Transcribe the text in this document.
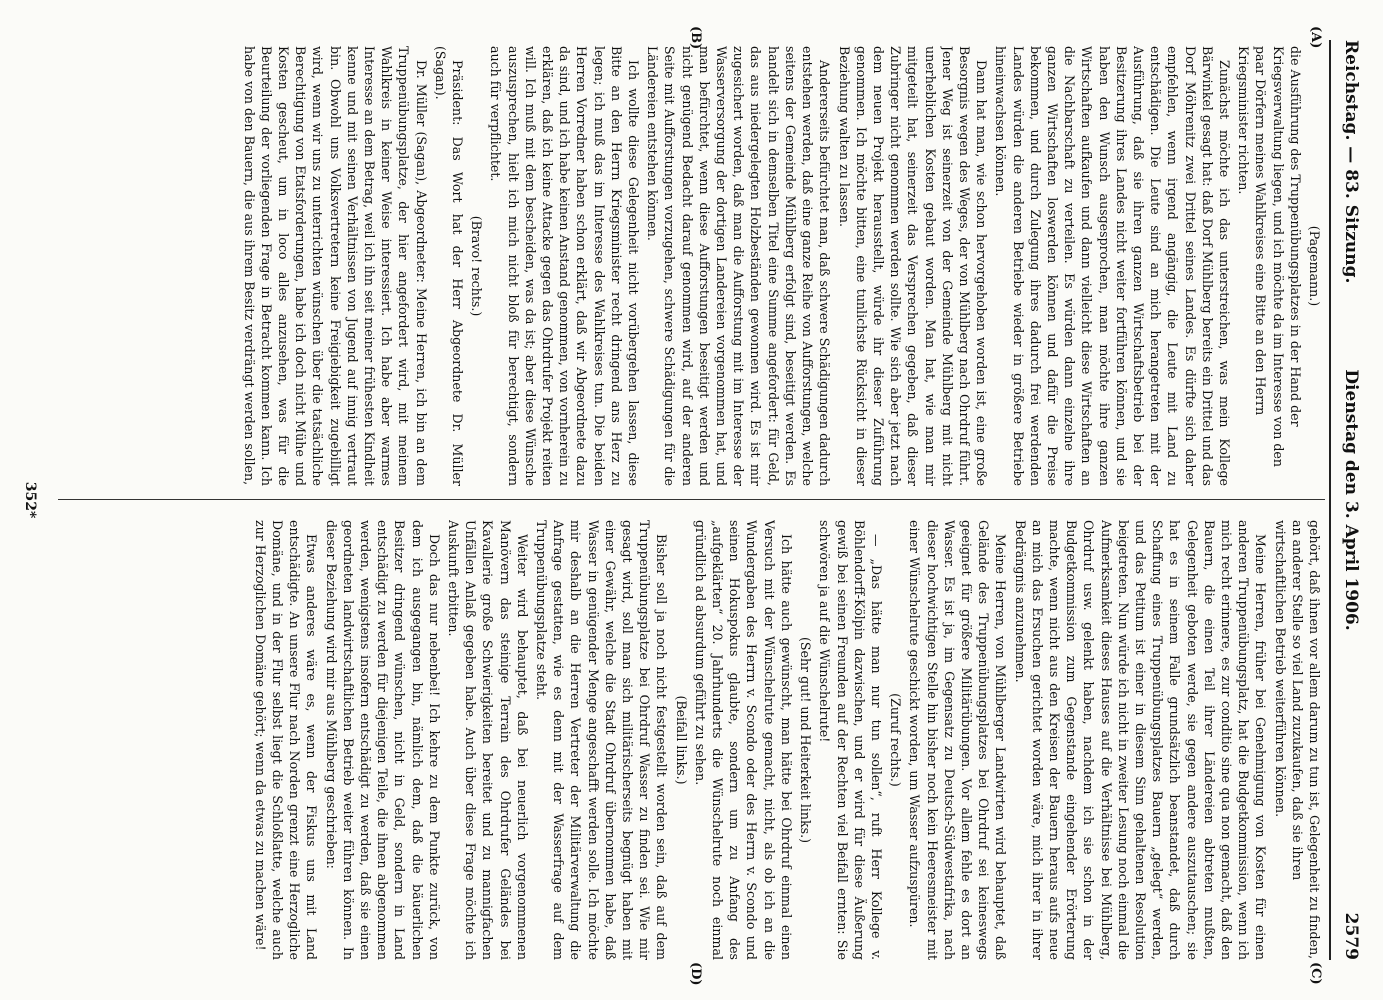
Reichstag. — 83. Sitzung.
Dienstag den 3. April 1906.
2579
(A)
(B)
(C)
(D)

(Pagemann.)

die Ausführung des Truppenübungsplatzes in der Hand der Kriegsverwaltung liegen, und ich möchte da im Interesse von den paar Dörfern meines Wahlkreises eine Bitte an den Herrn Kriegsminister richten.

Zunächst möchte ich das unterstreichen, was mein Kollege Bärwinkel gesagt hat: daß Dorf Mühlberg bereits ein Drittel und das Dorf Möhrenitz zwei Drittel seines Landes. Es dürfte sich daher empfehlen, wenn irgend angängig, die Leute mit Land zu entschädigen. Die Leute sind an mich herangetreten mit der Ausführung, daß sie ihren ganzen Wirtschaftsbetrieb bei der Besitzerung ihres Landes nicht weiter fortführen können, und sie haben den Wunsch ausgesprochen, man möchte ihre ganzen Wirtschaften aufkaufen und dann vielleicht diese Wirtschaften an die Nachbarschaft zu verteilen. Es würden dann einzelne ihre ganzen Wirtschaften loswerden können und dafür die Preise bekommen, und durch Zulegung ihres dadurch frei werdenden Landes würden die anderen Betriebe wieder in größere Betriebe hineinwachsen können.

Dann hat man, wie schon hervorgehoben worden ist, eine große Besorgnis wegen des Weges, der von Mühlberg nach Ohrdruf führt. Jener Weg ist seinerzeit von der Gemeinde Mühlberg mit nicht unerheblichen Kosten gebaut worden. Man hat, wie man mir mitgeteilt hat, seinerzeit das Versprechen gegeben, daß dieser Zubringer nicht genommen werden sollte. Wie sich aber jetzt nach dem neuen Projekt herausstellt, würde ihr dieser Zuführung genommen. Ich möchte bitten, eine tunlichste Rücksicht in dieser Beziehung walten zu lassen.

Andererseits befürchtet man, daß schwere Schädigungen dadurch entstehen werden, daß eine ganze Reihe von Aufforstungen, welche seitens der Gemeinde Mühlberg erfolgt sind, beseitigt werden. Es handelt sich in demselben Titel eine Summe angefordert: für Geld, das aus niedergelegten Holzbeständen gewonnen wird. Es ist mir zugesichert worden, daß man die Aufforstung mit im Interesse der Wasserversorgung der dortigen Landereien vorgenommen hat, und man befürchtet, wenn diese Aufforstungen beseitigt werden und nicht genügend Bedacht darauf genommen wird, auf der anderen Seite mit Aufforstungen vorzugehen, schwere Schädigungen für die Ländereien entstehen können.

Ich wollte diese Gelegenheit nicht vorübergehen lassen, diese Bitte an den Herrn Kriegsminister recht dringend ans Herz zu legen; ich muß das im Interesse des Wahlkreises tun. Die beiden Herren Vorredner haben schon erklärt, daß wir Abgeordnete dazu da sind, und ich habe keinen Anstand genommen, von vornherein zu erklären, daß ich keine Attacke gegen das Ohrdrufer Projekt reiten will. Ich muß mit dem bescheiden, was da ist; aber diese Wünsche auszusprechen, hielt ich mich nicht bloß für berechtigt, sondern auch für verpflichtet.

(Bravo! rechts.)

Präsident: Das Wort hat der Herr Abgeordnete Dr. Müller (Sagan).

Dr. Müller (Sagan), Abgeordneter: Meine Herren, ich bin an dem Truppenübungsplatze, der hier angefordert wird, mit meinem Wahlkreis in keiner Weise interessiert. Ich habe aber warmes Interesse an dem Betrag, weil ich ihn seit meiner frühesten Kindheit kenne und mit seinen Verhältnissen von Jugend auf innig vertraut bin. Obwohl uns Volksvertretern keine Freigiebigkeit zugebilligt wird, wenn wir uns zu unterrichten wünschen über die tatsächliche Berechtigung von Etatsforderungen, habe ich doch nicht Mühe und Kosten gescheut, um in loco alles anzusehen, was für die Beurteilung der vorliegenden Frage in Betracht kommen kann. Ich habe von den Bauern, die aus ihrem Besitz verdrängt werden sollen,

gehört, daß ihnen vor allem darum zu tun ist, Gelegenheit zu finden, an anderer Stelle so viel Land zuzukaufen, daß sie ihren wirtschaftlichen Betrieb weiterführen können.

Meine Herren, früher bei Genehmigung von Kosten für einen anderen Truppenübungsplatz, hat die Budgetkommission, wenn ich mich recht erinnere, es zur conditio sine qua non gemacht, daß den Bauern, die einen Teil ihrer Ländereien abtreten mußten, Gelegenheit geboten werde, sie gegen andere auszutauschen; sie hat es in seinem Falle grundsätzlich beanstandet, daß durch Schaffung eines Truppenübungsplatzes Bauern „gelegt“ werden, und das Petitum ist einer in diesem Sinn gehaltenen Resolution beigetreten. Nun würde ich nicht in zweiter Lesung noch einmal die Aufmerksamkeit dieses Hauses auf die Verhältnisse bei Mühlberg, Ohrdruf usw. gelenkt haben, nachdem ich sie schon in der Budgetkommission zum Gegenstande eingehender Erörterung machte, wenn nicht aus den Kreisen der Bauern heraus aufs neue an mich das Ersuchen gerichtet worden wäre, mich ihrer in ihrer Bedrängnis anzunehmen.

Meine Herren, von Mühlberger Landwirten wird behauptet, daß Gelände des Truppenübungsplatzes bei Ohrdruf sei keineswegs geeignet für größere Militärübungen. Vor allem fehle es dort an Wasser. Es ist ja, im Gegensatz zu Deutsch-Südwestafrika, nach dieser hochwichtigen Stelle hin bisher noch kein Heeresmeister mit einer Wünschelrute geschickt worden, um Wasser aufzuspüren.

(Zuruf rechts.)

— „Das hätte man nur tun sollen“, ruft Herr Kollege v. Böhlendorff-Kölpin dazwischen, und er wird für diese Äußerung gewiß bei seinen Freunden auf der Rechten viel Beifall ernten: Sie schwören ja auf die Wünschelrute!

(Sehr gut! und Heiterkeit links.)

Ich hätte auch gewünscht, man hätte bei Ohrdruf einmal einen Versuch mit der Wünschelrute gemacht, nicht, als ob ich an die Wundergaben des Herrn v. Scondo oder des Herrn v. Scondo und seinen Hokuspokus glaubte, sondern um zu Anfang des „aufgeklärten“ 20. Jahrhunderts die Wünschelrute noch einmal gründlich ad absurdum geführt zu sehen.

(Beifall links.)

Bisher soll ja noch nicht festgestellt worden sein, daß auf dem Truppenübungsplatze bei Ohrdruf Wasser zu finden sei. Wie mir gesagt wird, soll man sich militärischerseits begnügt haben mit einer Gewähr, welche die Stadt Ohrdruf übernommen habe, daß Wasser in genügender Menge angeschafft werden solle. Ich möchte mir deshalb an die Herren Vertreter der Militärverwaltung die Anfrage gestatten, wie es denn mit der Wasserfrage auf dem Truppenübungsplatze steht.

Weiter wird behauptet, daß bei neuerlich vorgenommenen Manövern das steinige Terrain des Ohrdrufer Geländes bei Kavallerie große Schwierigkeiten bereitet und zu mannigfachen Unfällen Anlaß gegeben habe. Auch über diese Frage möchte ich Auskunft erbitten.

Doch das nur nebenbei! Ich kehre zu dem Punkte zurück, von dem ich ausgegangen bin, nämlich dem, daß die bäuerlichen Besitzer dringend wünschen, nicht in Geld, sondern in Land entschädigt zu werden für diejenigen Teile, die ihnen abgenommen werden, wenigstens insofern entschädigt zu werden, daß sie einen geordneten landwirtschaftlichen Betrieb weiter führen können. In dieser Beziehung wird mir aus Mühlberg geschrieben:

Etwas anderes wäre es, wenn der Fiskus uns mit Land entschädigte. An unsere Flur nach Norden grenzt eine Herzogliche Domäne, und in der Flur selbst liegt die Schloßlatte, welche auch zur Herzoglichen Domäne gehört; wenn da etwas zu machen wäre!

352*
